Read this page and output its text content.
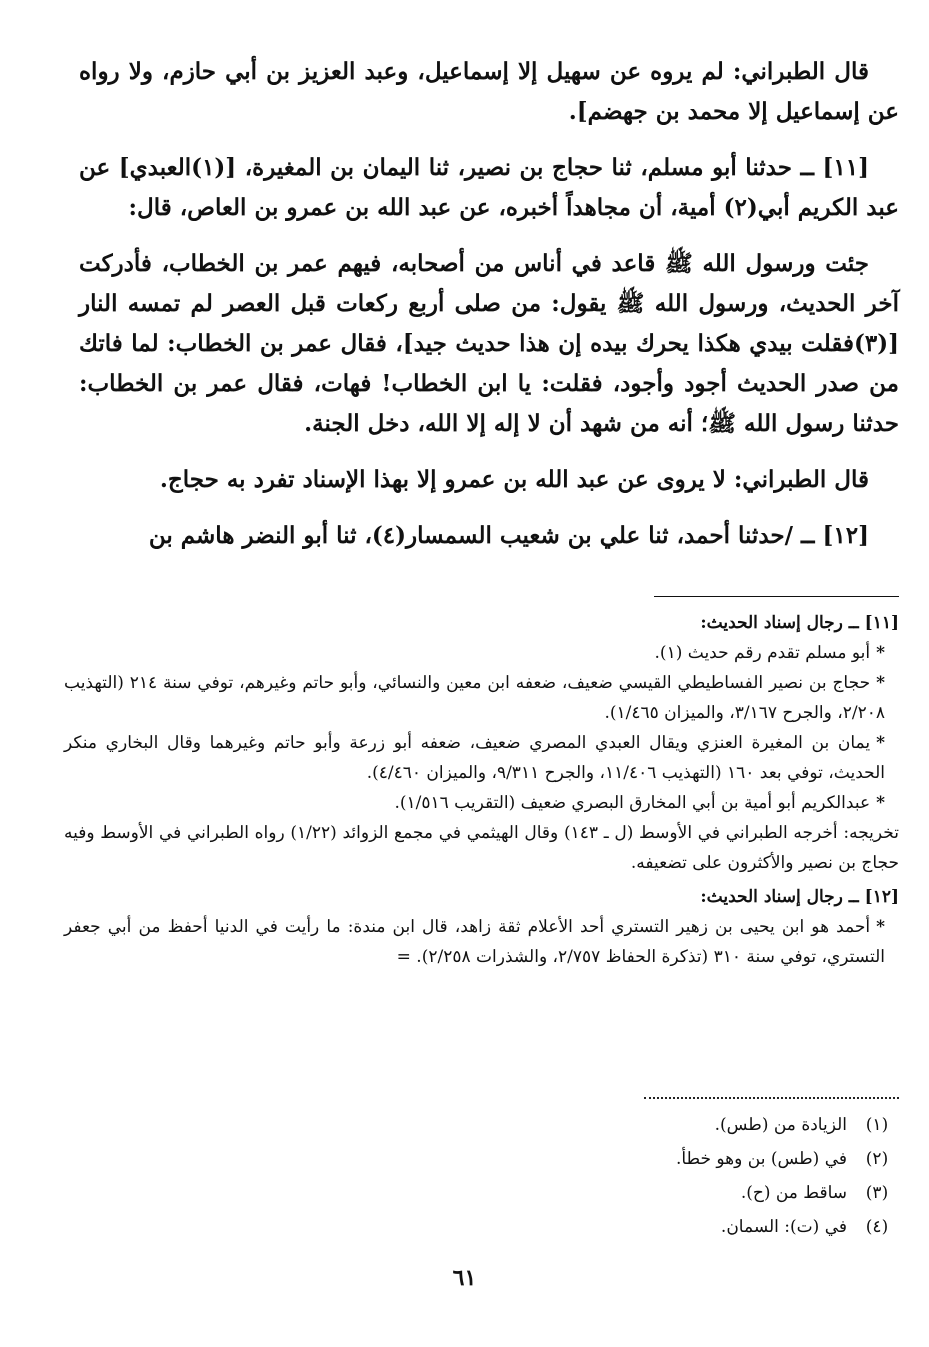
قال الطبراني: لم يروه عن سهيل إلا إسماعيل، وعبد العزيز بن أبي حازم، ولا رواه عن إسماعيل إلا محمد بن جهضم].

[١١] ــ حدثنا أبو مسلم، ثنا حجاج بن نصير، ثنا اليمان بن المغيرة، [(١)العبدي] عن عبد الكريم أبي(٢) أمية، أن مجاهداً أخبره، عن عبد الله بن عمرو بن العاص، قال:

جئت ورسول الله ﷺ قاعد في أناس من أصحابه، فيهم عمر بن الخطاب، فأدركت آخر الحديث، ورسول الله ﷺ يقول: من صلى أربع ركعات قبل العصر لم تمسه النار [(٣)فقلت بيدي هكذا يحرك بيده إن هذا حديث جيد]، فقال عمر بن الخطاب: لما فاتك من صدر الحديث أجود وأجود، فقلت: يا ابن الخطاب! فهات، فقال عمر بن الخطاب: حدثنا رسول الله ﷺ؛ أنه من شهد أن لا إله إلا الله، دخل الجنة.

قال الطبراني: لا يروى عن عبد الله بن عمرو إلا بهذا الإسناد تفرد به حجاج.

[١٢] ــ /حدثنا أحمد، ثنا علي بن شعيب السمسار(٤)، ثنا أبو النضر هاشم بن

[١١] ــ رجال إسناد الحديث:

*أبو مسلم تقدم رقم حديث (١).

*حجاج بن نصير الفساطيطي القيسي ضعيف، ضعفه ابن معين والنسائي، وأبو حاتم وغيرهم، توفي سنة ٢١٤ (التهذيب ٢/٢٠٨، والجرح ٣/١٦٧، والميزان ١/٤٦٥).

*يمان بن المغيرة العنزي ويقال العبدي المصري ضعيف، ضعفه أبو زرعة وأبو حاتم وغيرهما وقال البخاري منكر الحديث، توفي بعد ١٦٠ (التهذيب ١١/٤٠٦، والجرح ٩/٣١١، والميزان ٤/٤٦٠).

*عبدالكريم أبو أمية بن أبي المخارق البصري ضعيف (التقريب ١/٥١٦).

تخريجه: أخرجه الطبراني في الأوسط (ل ـ ١٤٣) وقال الهيثمي في مجمع الزوائد (١/٢٢) رواه الطبراني في الأوسط وفيه حجاج بن نصير والأكثرون على تضعيفه.

[١٢] ــ رجال إسناد الحديث:

*أحمد هو ابن يحيى بن زهير التستري أحد الأعلام ثقة زاهد، قال ابن مندة: ما رأيت في الدنيا أحفظ من أبي جعفر التستري، توفي سنة ٣١٠ (تذكرة الحفاظ ٢/٧٥٧، والشذرات ٢/٢٥٨). =

(١)
الزيادة من (طس).
(٢)
في (طس) بن وهو خطأ.
(٣)
ساقط من (ح).
(٤)
في (ت): السمان.
٦١
